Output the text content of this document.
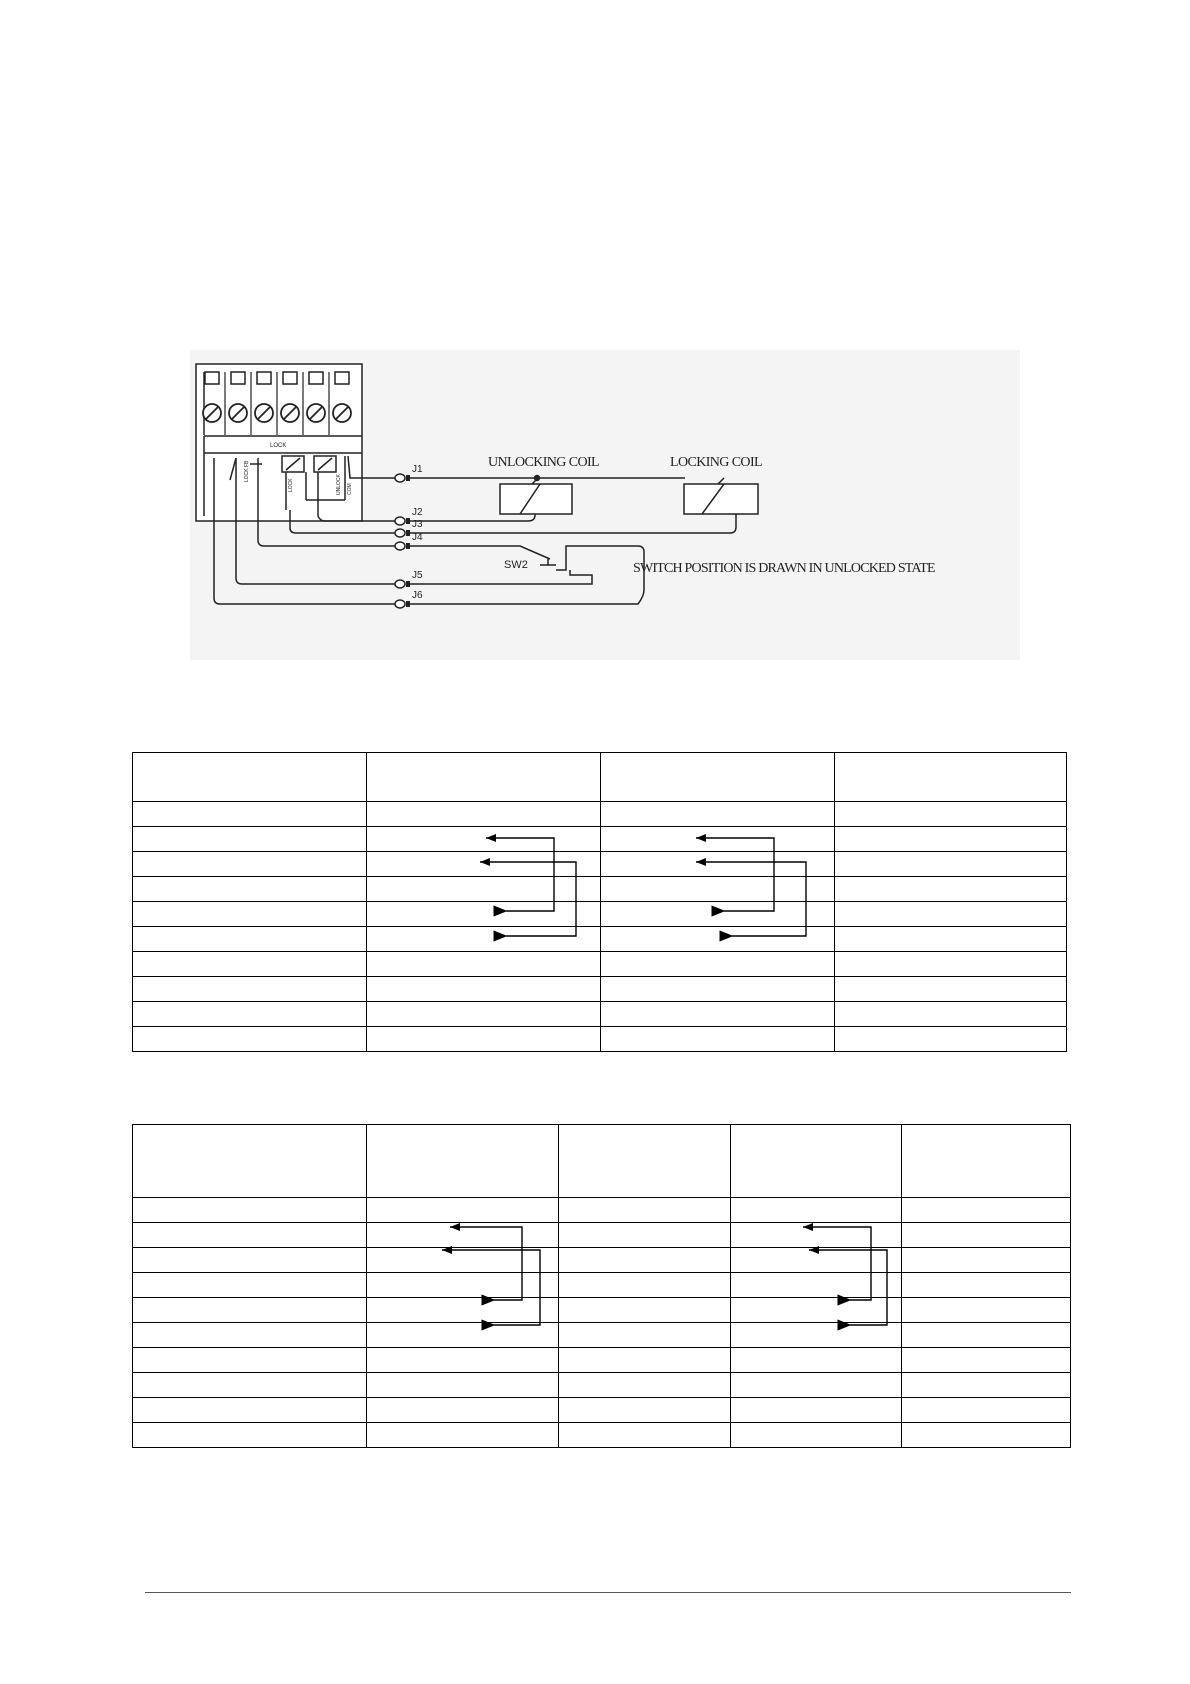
LOCK
LOCK FB
LOCK	UNLOCK COM
J1
J2
J3
J4
J5
J6
UNLOCKING COIL	LOCKING COIL
SW2	SWITCH POSITION IS DRAWN IN UNLOCKED STATE
